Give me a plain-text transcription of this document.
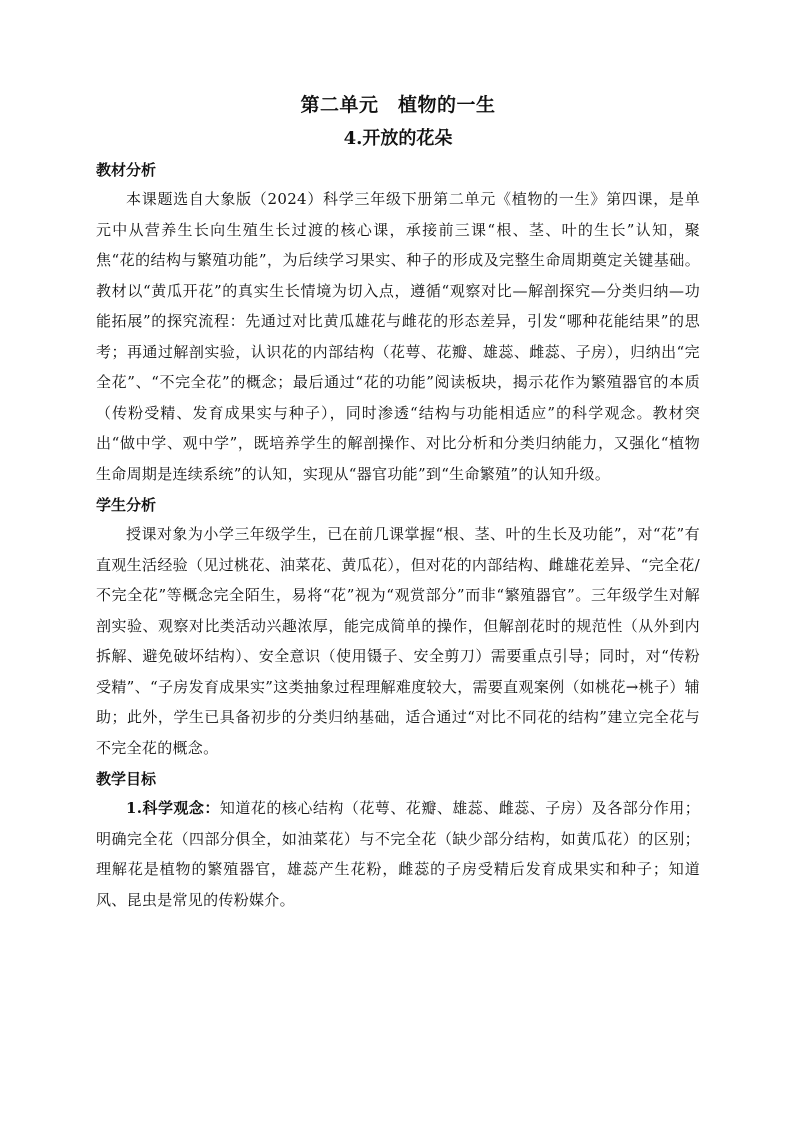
第二单元　植物的一生
4.开放的花朵
教材分析

本课题选自大象版（2024）科学三年级下册第二单元《植物的一生》第四课，是单元中从营养生长向生殖生长过渡的核心课，承接前三课“根、茎、叶的生长”认知，聚焦“花的结构与繁殖功能”，为后续学习果实、种子的形成及完整生命周期奠定关键基础。教材以“黄瓜开花”的真实生长情境为切入点，遵循“观察对比—解剖探究—分类归纳—功能拓展”的探究流程：先通过对比黄瓜雄花与雌花的形态差异，引发“哪种花能结果”的思考；再通过解剖实验，认识花的内部结构（花萼、花瓣、雄蕊、雌蕊、子房），归纳出“完全花”、“不完全花”的概念；最后通过“花的功能”阅读板块，揭示花作为繁殖器官的本质（传粉受精、发育成果实与种子），同时渗透“结构与功能相适应”的科学观念。教材突出“做中学、观中学”，既培养学生的解剖操作、对比分析和分类归纳能力，又强化“植物生命周期是连续系统”的认知，实现从“器官功能”到“生命繁殖”的认知升级。

学生分析

授课对象为小学三年级学生，已在前几课掌握“根、茎、叶的生长及功能”，对“花”有直观生活经验（见过桃花、油菜花、黄瓜花），但对花的内部结构、雌雄花差异、“完全花/不完全花”等概念完全陌生，易将“花”视为“观赏部分”而非“繁殖器官”。三年级学生对解剖实验、观察对比类活动兴趣浓厚，能完成简单的操作，但解剖花时的规范性（从外到内拆解、避免破坏结构）、安全意识（使用镊子、安全剪刀）需要重点引导；同时，对“传粉受精”、“子房发育成果实”这类抽象过程理解难度较大，需要直观案例（如桃花→桃子）辅助；此外，学生已具备初步的分类归纳基础，适合通过“对比不同花的结构”建立完全花与不完全花的概念。

教学目标

1.科学观念：知道花的核心结构（花萼、花瓣、雄蕊、雌蕊、子房）及各部分作用；明确完全花（四部分俱全，如油菜花）与不完全花（缺少部分结构，如黄瓜花）的区别；理解花是植物的繁殖器官，雄蕊产生花粉，雌蕊的子房受精后发育成果实和种子；知道风、昆虫是常见的传粉媒介。
